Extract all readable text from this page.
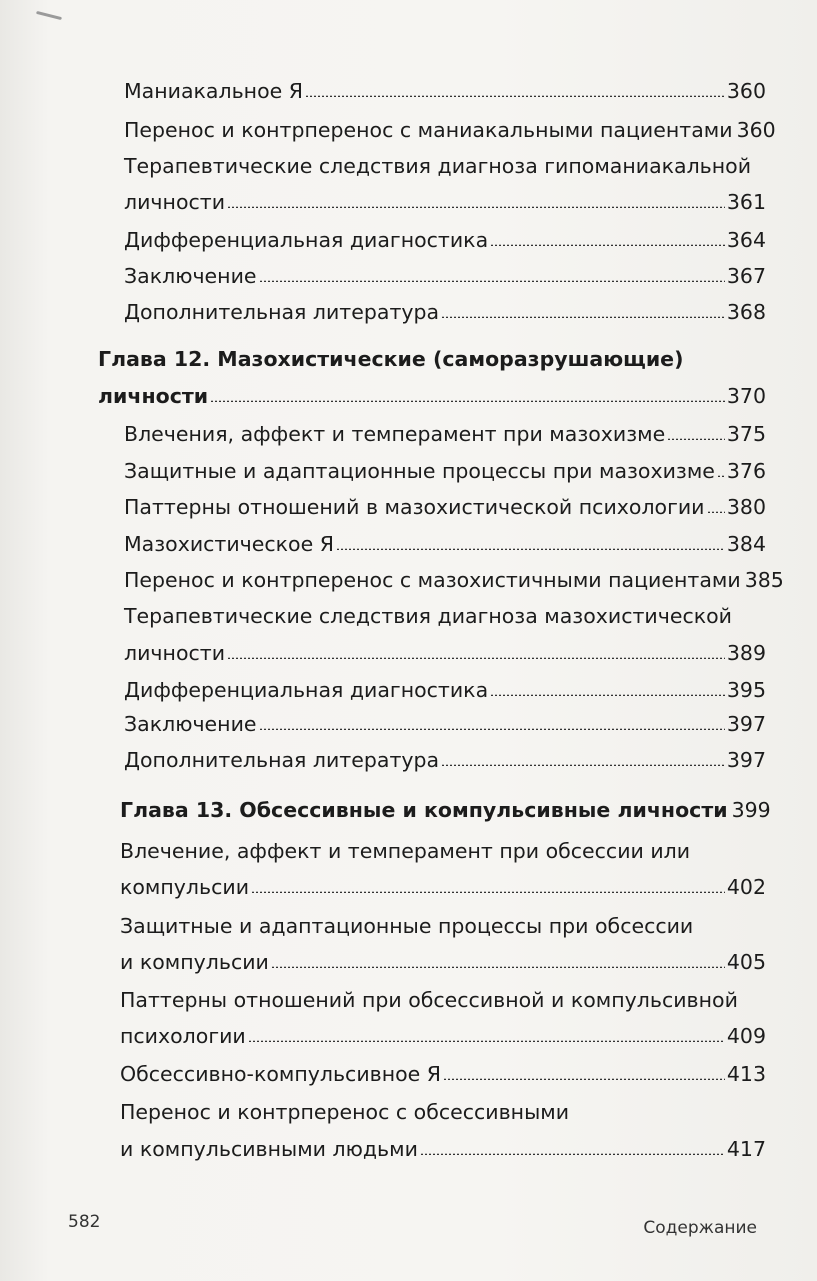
Маниакальное Я	360
Перенос и контрперенос с маниакальными пациентами 360
Терапевтические следствия диагноза гипоманиакальной
личности	361
Дифференциальная диагностика	364
Заключение	367
Дополнительная литература	368
Глава 12. Мазохистические (саморазрушающие)
личности	370
Влечения, аффект и темперамент при мазохизме	375
Защитные и адаптационные процессы при мазохизме 376
Паттерны отношений в мазохистической психологии 380
Мазохистическое Я	384
Перенос и контрперенос с мазохистичными пациентами 385
Терапевтические следствия диагноза мазохистической
личности	389
Дифференциальная диагностика	395
Заключение	397
Дополнительная литература	397
Глава 13. Обсессивные и компульсивные личности 399
Влечение, аффект и темперамент при обсессии или
компульсии	402
Защитные и адаптационные процессы при обсессии
и компульсии	405
Паттерны отношений при обсессивной и компульсивной
психологии	409
Обсессивно-компульсивное Я	413
Перенос и контрперенос с обсессивными
и компульсивными людьми	417
582	Содержание
